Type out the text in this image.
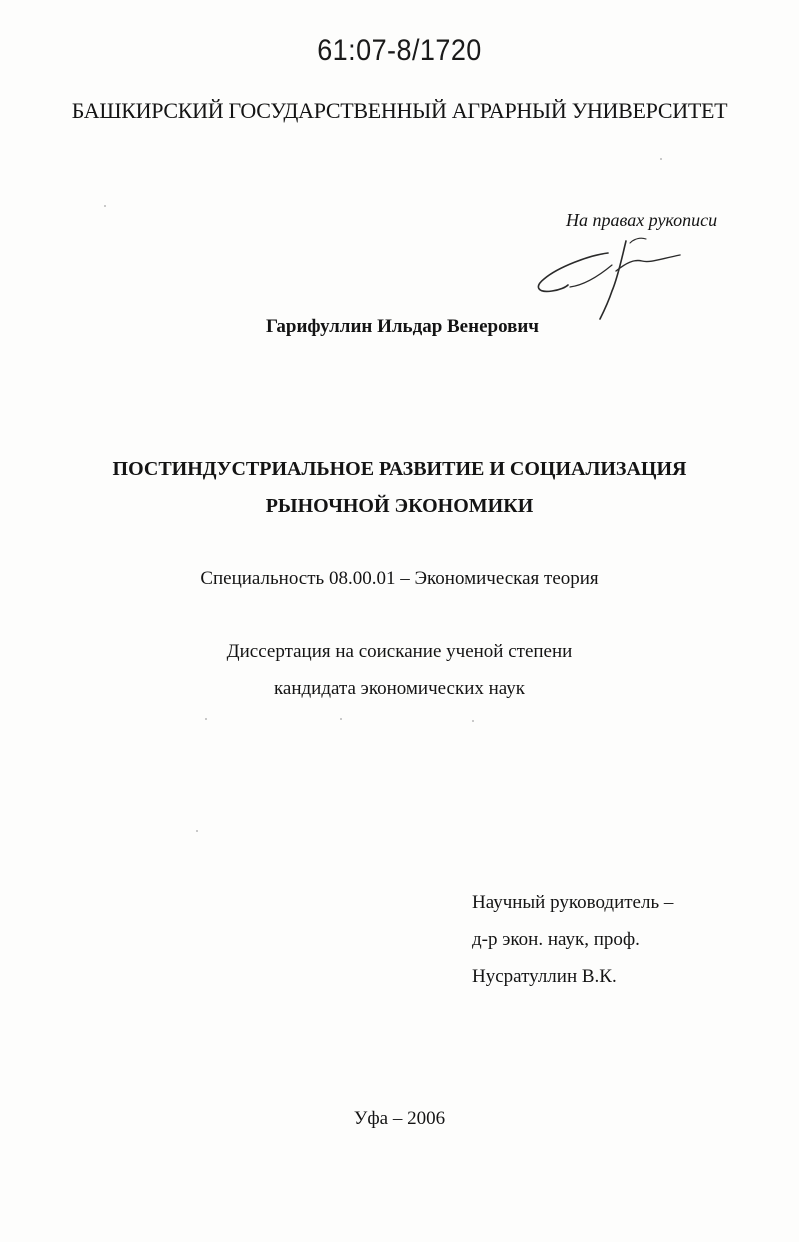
61:07-8/1720
БАШКИРСКИЙ ГОСУДАРСТВЕННЫЙ АГРАРНЫЙ УНИВЕРСИТЕТ
На правах рукописи
Гарифуллин Ильдар Венерович
ПОСТИНДУСТРИАЛЬНОЕ РАЗВИТИЕ И СОЦИАЛИЗАЦИЯ
РЫНОЧНОЙ ЭКОНОМИКИ
Специальность 08.00.01 – Экономическая теория
Диссертация на соискание ученой степени
кандидата экономических наук
Научный руководитель –
д-р экон. наук, проф.
Нусратуллин В.К.
Уфа – 2006
